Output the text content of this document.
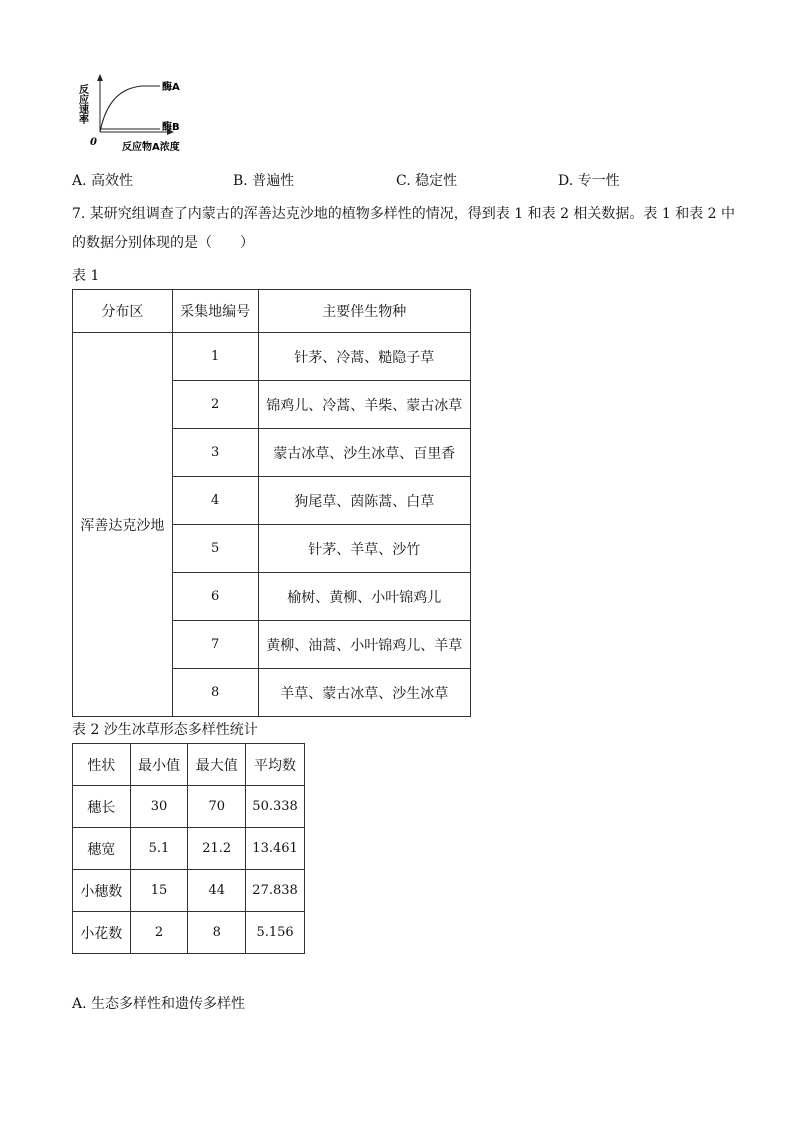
反应速率	酶A
酶B
0	反应物A浓度
A. 高效性	B. 普遍性	C. 稳定性	D. 专一性
7. 某研究组调查了内蒙古的浑善达克沙地的植物多样性的情况，得到表 1 和表 2 相关数据。表 1 和表 2 中
的数据分别体现的是（　　）
表 1
分布区	采集地编号	主要伴生物种
浑善达克沙地	1	针茅、冷蒿、糙隐子草
	2	锦鸡儿、冷蒿、羊柴、蒙古冰草
	3	蒙古冰草、沙生冰草、百里香
	4	狗尾草、茵陈蒿、白草
	5	针茅、羊草、沙竹
	6	榆树、黄柳、小叶锦鸡儿
	7	黄柳、油蒿、小叶锦鸡儿、羊草
	8	羊草、蒙古冰草、沙生冰草
表 2 沙生冰草形态多样性统计
性状	最小值	最大值	平均数
穗长	30	70	50.338
穗宽	5.1	21.2	13.461
小穗数	15	44	27.838
小花数	2	8	5.156
A. 生态多样性和遗传多样性
